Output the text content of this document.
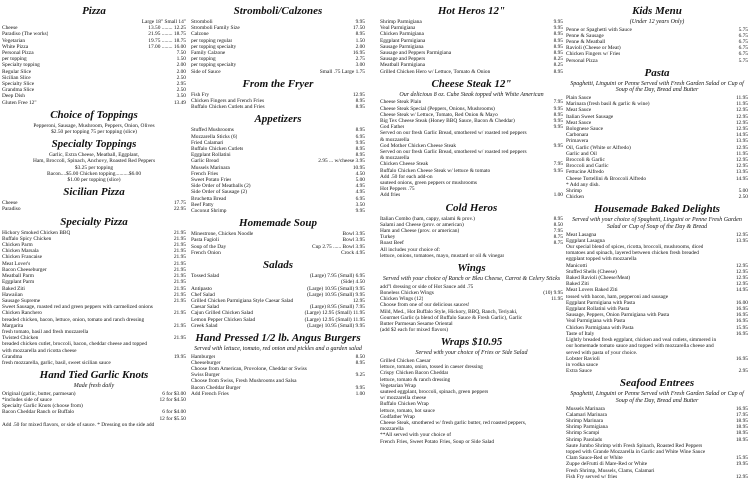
Pizza
Large 18" Small 14"
Cheese	13.50 ........ 12.25
Paradiso (The works)	21.95 ........ 18.75
Vegetarian	19.75 ........ 18.75
White Pizza	17.00 ........ 16.00
Personal Pizza	7.50
per topping	1.50
Specialty topping	2.00
Regular Slice	2.00
Sicilian Slice	2.50
Specialty Slice	2.95
Grandma Slice	2.50
Deep Dish	3.50
Gluten Free 12"	13.49
Choice of Toppings
Pepperoni, Sausage, Mushroom, Peppers, Onion, Olives
$2.50 per topping 75 per topping (slice)
Specialty Toppings
Garlic, Extra Cheese, Meatball, Eggplant,
Ham, Broccoli, Spinach, Anchovy, Roasted Red Peppers
$3.25 per topping
Bacon....$5.00 Chicken topping..........$6.00
$1.00 per topping (slice)
Sicilian Pizza
Cheese	17.75
Paradiso	22.95
Specialty Pizza
Hickory Smoked Chicken BBQ	21.95
Buffalo Spicy Chicken	21.95
Chicken Parm	21.95
Chicken Marsala	21.95
Chicken Francaise	21.95
Meat Lover's	21.95
Bacon Cheeseburger	21.95
Meatball Parm	21.95
Eggplant Parm	21.95
Baked Ziti	21.95
Hawaiian	21.95
Sausage Supreme	21.95
Sweet Sausage, roasted red and green peppers with carmelized onions
Chicken Ranchero	21.95
breaded chicken, bacon, lettuce, onion, tomato and ranch dressing
Margarita	21.95
fresh tomato, basil and fresh mozzarella
Twisted Chicken	21.95
breaded chicken cutlet, broccoli, bacon, cheddar cheese and topped
with mozzarella and ricotta cheese
Grandma	19.95
fresh mozzarella, garlic, basil, sweet sicilian sauce
Hand Tied Garlic Knots
Made fresh daily
Original (garlic, butter, parmesan)	6 for $3.00
*includes side of sauce	12 for $4.50
Specialty Garlic Knots (choose from)
Bacon Cheddar Ranch or Buffalo	6 for $4.00
12 for $5.50
Add .50 for mixed flavors, or side of sauce. * Dressing on the side add
Stromboli/Calzones
Stromboli	9.95
Stromboli Family Size	17.50
Calzone	8.95
per topping regular	1.50
per topping specialty	2.00
Family Calzone	16.95
per topping	2.75
per topping specialty	3.00
Side of Sauce	Small .75 Large 1.75
From the Fryer
Fish Fry	12.95
Chicken Fingers and French Fries	8.95
Buffalo Chicken Cutlets and Fries	8.95
Appetizers
Stuffed Mushrooms	8.95
Mozzarella Sticks (6)	6.95
Fried Calamari	9.95
Buffalo Chicken Cutlets	8.95
Eggplant Rollatini	8.95
Garlic Bread	2.95 ... w/cheese 3.95
Mussels Marinara	10.95
French Fries	4.50
Sweet Potato Fries	5.00
Side Order of Meatballs (2)	4.95
Side Order of Sausage (2)	4.95
Bruchetta Bread	6.95
Beef Patty	3.50
Coconut Shrimp	9.95
Homemade Soup
Minestrone, Chicken Noodle	Bowl 3.95
Pasta Fagioli	Bowl 3.95
Soup of the Day	Cup 2.75 ...... Bowl 3.95
French Onion	Crock 4.95
Salads
Tossed Salad	(Large) 7.95 (Small) 6.95
(Side) 4.50
Antipasto	(Large) 10.95 (Small) 9.95
Chef Salad	(Large) 10.95 (Small) 9.95
Grilled Chicken Parmigiana Style Caesar Salad	12.95
Caesar Salad	(Large) 8.95 (Small) 7.95
Cajun Grilled Chicken Salad	(Large) 12.95 (Small) 11.95
Lemon Pepper Chicken Salad	(Large) 12.95 (Small) 11.95
Greek Salad	(Large) 10.95 (Small) 9.95
Hand Pressed 1/2 lb. Angus Burgers
Served with lettuce, tomato, red onion and pickles and a garden salad
Hamburger	8.50
Cheeseburger	8.95
Choose from American, Provolone, Cheddar or Swiss
Swiss Burger	9.25
Choose from Swiss, Fresh Mushrooms and Salsa
Bacon Cheddar Burger	9.95
Add French Fries	1.00
Hot Heros 12"
Shrimp Parmigiana	9.95
Veal Parmigiana	9.95
Chicken Parmigiana	8.95
Eggplant Parmigiana	8.95
Sausage Parmigiana	8.95
Sausage and Peppers Parmigiana	8.95
Sausage and Peppers	8.25
Meatball Parmigiana	8.25
Grilled Chicken Hero w/ Lettuce, Tomato & Onion	8.95
Cheese Steak 12"
Our delicious 8 oz. Cube Steak topped with White American
Cheese Steak Plain	7.95
Cheese Steak Special (Peppers, Onions, Mushrooms)	9.95
Cheese Steak w/ Lettuce, Tomato, Red Onion & Mayo	8.95
Big Tex Cheese Steak (Honey BBQ Sauce, Bacon & Cheddar)	9.95
God Father	9.95
Served on our fresh Garlic Bread, smothered w/ roasted red peppers
& mozzarella
God Mother Chicken Cheese Steak	9.95
Served on our fresh Garlic Bread, smothered w/ roasted red peppers
& mozzarella
Chicken Cheese Steak	7.95
Buffalo Chicken Cheese Steak w/ lettuce & tomato	9.95
Add .50 for each add-on
sauteed onions, green peppers or mushrooms
Hot Peppers .75
Add fries	1.00
Cold Heros
Italian Combo (ham, cappy, salami & prov.)	8.95
Salami and Cheese (prov. or american)	8.50
Ham and Cheese (prov. or american)	7.95
Turkey	8.75
Roast Beef	8.75
All includes your choice of:
lettuce, onions, tomatoes, mayo, mustard or oil & vinegar
Wings
Served with your choice of Ranch or Bleu Cheese, Carrot & Celery Sticks
add"l dressing or side of Hot Sauce add .75
Boneless Chicken Wings	(10) 9.95
Chicken Wings (12)	11.95
Choose from one of our delicious sauces!
Mild, Med., Hot Buffalo Style, Hickory, BBQ, Ranch, Teriyaki,
Gourmet Garlic (a blend of Buffalo Sauce & Fresh Garlic), Garlic
Butter Parmesan Sesame Oriental
(add $2 each for mixed flavors)
Wraps $10.95
Served with your choice of Fries or Side Salad
Grilled Chicken Caesar
lettuce, tomato, onion, tossed in caeser dressing
Crispy Chicken Bacon Cheddar
lettuce, tomato & ranch dressing
Vegetarian Wrap
sauteed eggplant, broccoli, spinach, green peppers
w/ mozzarella cheese
Buffalo Chicken Wrap
lettuce, tomato, hot sauce
Godfather Wrap
Cheese Steak, smothered w/ fresh garlic butter, red roasted peppers,
mozzarella
**All served with your choice of
French Fries, Sweet Potato Fries, Soup or Side Salad
Kids Menu
(Under 12 years Only)
Penne or Spaghetti with Sauce	5.75
Penne & Sausage	6.75
Penne & Meatball	6.75
Ravioli (Cheese or Meat)	6.75
Chicken Fingers w/ Fries	6.75
Personal Pizza	5.75
Pasta
Spaghetti, Linguini or Penne Served with Fresh Garden Salad or Cup of Soup of the Day, Bread and Butter
Plain Sauce	11.95
Marinara (fresh basil & garlic & wine)	11.95
Meat Sauce	12.95
Italian Sweet Sausage	12.95
Meat Sauce	12.95
Bolognese Sauce	12.95
Carbonara	14.95
Primavera	13.95
Oil, Garlic (White or Alfredo)	12.95
Garlic and Oil	11.95
Broccoli & Garlic	12.95
Broccoli and Garlic	12.95
Fettucine Alfredo	13.95
Cheese Tortellini & Broccoli Alfredo	14.95
* Add any dish.
Shrimp	5.00
Chicken	2.50
Housemade Baked Delights
Served with your choice of Spaghetti, Linguini or Penne Fresh Garden Salad or Cup of Soup of the Day & Bread
Meat Lasagna	12.95
Eggplant Lasagna	13.95
Our special blend of spices, ricotta, broccoli, mushrooms, diced
tomatoes and spinach, layered between chicken fresh breaded
eggplant topped with mozzarella
Manicotti	12.95
Stuffed Shells (Cheese)	12.95
Baked Ravioli (Cheese/Meat)	12.95
Baked Ziti	12.95
Meat Lovers Baked Ziti	14.95
tossed with bacon, ham, pepperoni and sausage
Eggplant Parmigiana with Pasta	16.00
Eggplant Rollatini with Pasta	16.95
Sausage, Peppers, Onion Parmigiana with Pasta	16.95
Veal Parmigiana with Pasta	16.95
Chicken Parmigiana with Pasta	15.95
Taste of Italy	16.95
Lightly breaded fresh eggplant, chicken and veal cutlets, simmered in
our homemade tomato sauce and topped with mozzarella cheese and
served with pasta of your choice.
Lobster Ravioli	16.95
in vodka sauce
Extra Sauce	2.95
Seafood Entrees
Spaghetti, Linguini or Penne Served with Fresh Garden Salad or Cup of Soup of the Day, Bread and Butter
Mussels Marinara	16.95
Calamari Marinara	17.95
Shrimp Marinara	18.95
Shrimp Parmigiana	18.95
Shrimp Scampi	18.95
Shrimp Parolado	18.95
Saute Jumbo Shrimp with Fresh Spinach, Roasted Red Peppers
topped with Grande Mozzarella in Garlic and White Wine Sauce
Clam Sauce-Red or White	15.95
Zuppe deFrutti di Mare-Red or White	19.95
Fresh Shrimp, Mussels, Clams, Calamari
Fish Fry served w/ fries	12.95
